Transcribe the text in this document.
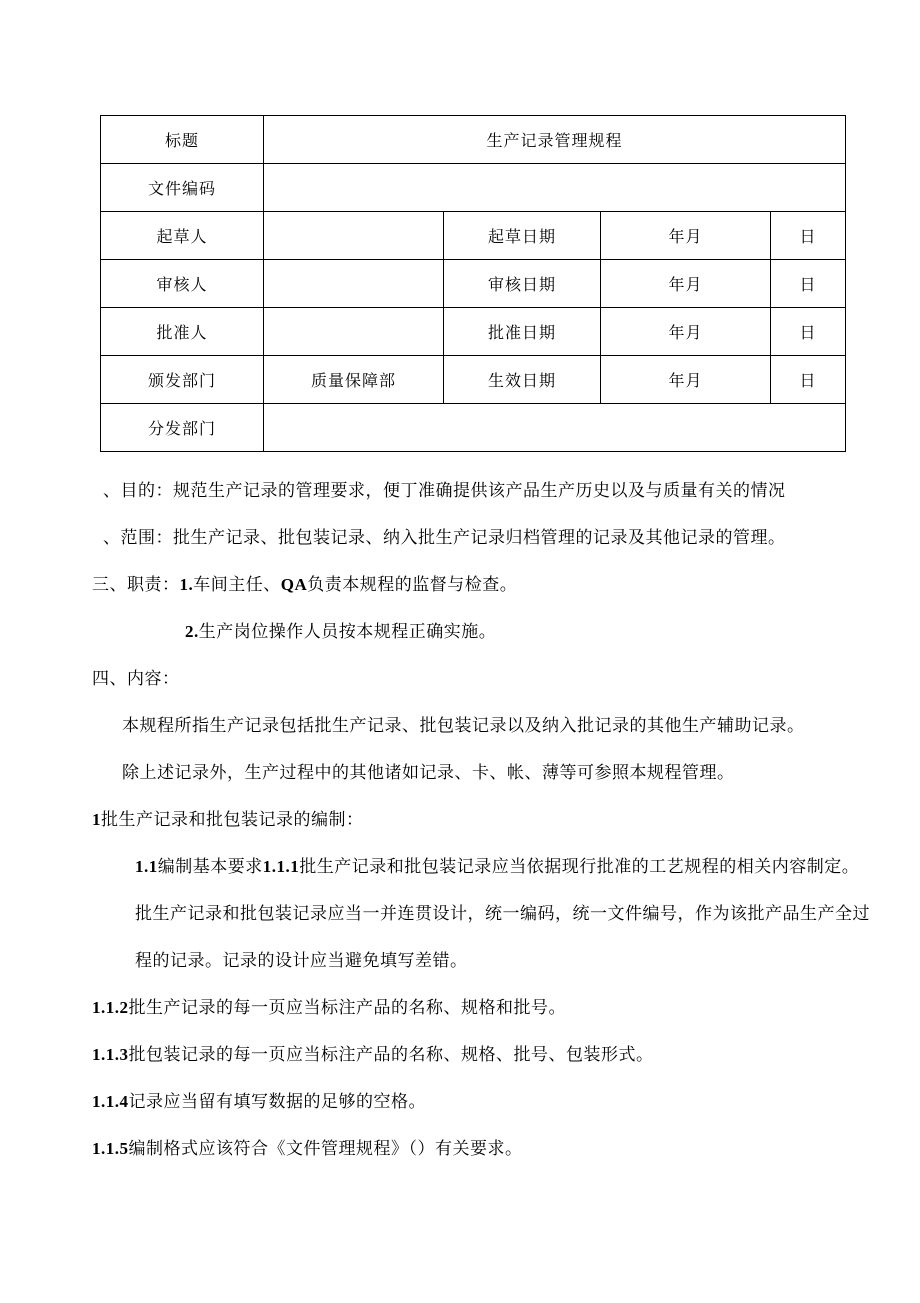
标题	生产记录管理规程			
文件编码				
起草人		起草日期	年月	日
审核人		审核日期	年月	日
批准人		批准日期	年月	日
颁发部门	质量保障部	生效日期	年月	日
分发部门				

、目的：规范生产记录的管理要求，便丁准确提供该产品生产历史以及与质量有关的情况

、范围：批生产记录、批包装记录、纳入批生产记录归档管理的记录及其他记录的管理。

三、职责：1.车间主任、QA负责本规程的监督与检查。

2.生产岗位操作人员按本规程正确实施。

四、内容：

本规程所指生产记录包括批生产记录、批包装记录以及纳入批记录的其他生产辅助记录。

除上述记录外，生产过程中的其他诸如记录、卡、帐、薄等可参照本规程管理。

1批生产记录和批包装记录的编制：

1.1编制基本要求1.1.1批生产记录和批包装记录应当依据现行批准的工艺规程的相关内容制定。

批生产记录和批包装记录应当一并连贯设计，统一编码，统一文件编号，作为该批产品生产全过

程的记录。记录的设计应当避免填写差错。

1.1.2批生产记录的每一页应当标注产品的名称、规格和批号。

1.1.3批包装记录的每一页应当标注产品的名称、规格、批号、包装形式。

1.1.4记录应当留有填写数据的足够的空格。

1.1.5编制格式应该符合《文件管理规程》（）有关要求。
